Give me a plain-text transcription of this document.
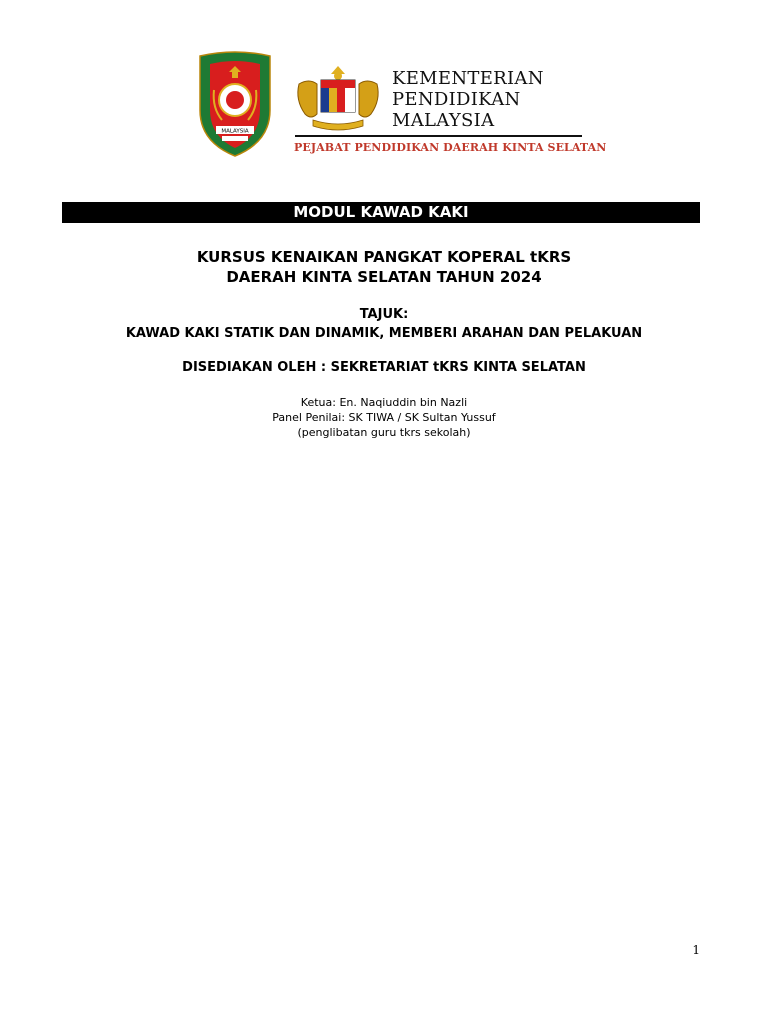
MALAYSIA
KEMENTERIAN
PENDIDIKAN
MALAYSIA
PEJABAT PENDIDIKAN DAERAH KINTA SELATAN
MODUL KAWAD KAKI
KURSUS KENAIKAN PANGKAT KOPERAL tKRS
DAERAH KINTA SELATAN TAHUN 2024
TAJUK:
KAWAD KAKI STATIK DAN DINAMIK, MEMBERI ARAHAN DAN PELAKUAN
DISEDIAKAN OLEH : SEKRETARIAT tKRS KINTA SELATAN
Ketua: En. Naqiuddin bin Nazli
Panel Penilai: SK TIWA / SK Sultan Yussuf
(penglibatan guru tkrs sekolah)
1
